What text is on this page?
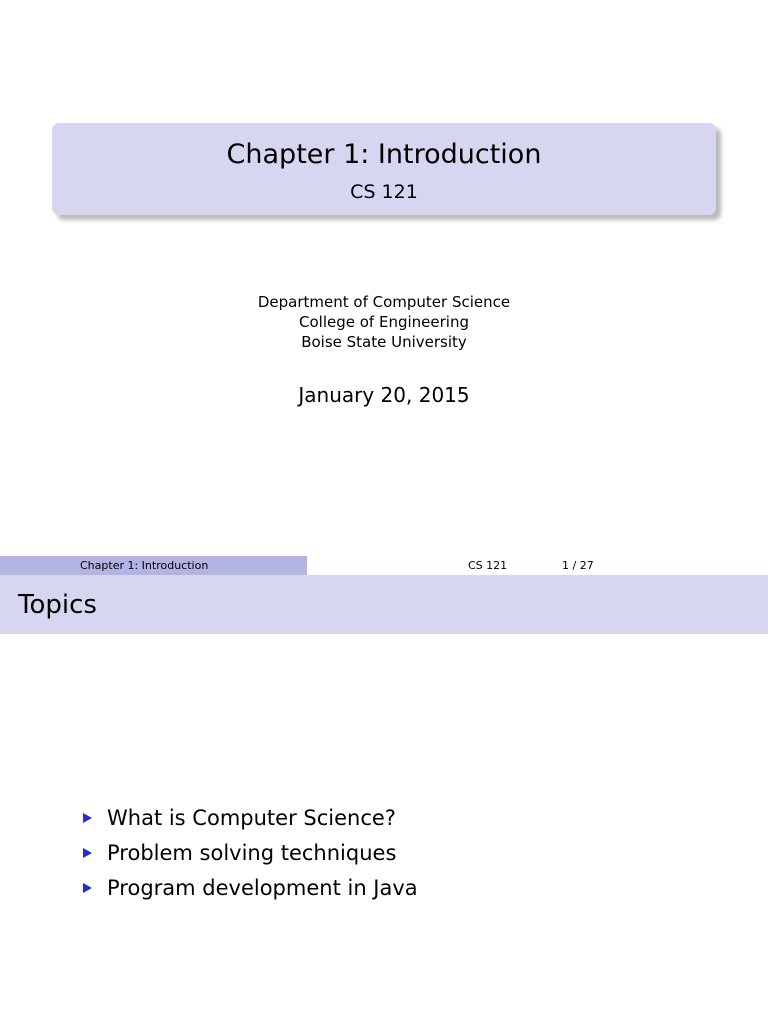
Chapter 1: Introduction
CS 121
Department of Computer Science
College of Engineering
Boise State University
January 20, 2015
Chapter 1: Introduction	CS 121	1 / 27
Topics
What is Computer Science?
Problem solving techniques
Program development in Java
